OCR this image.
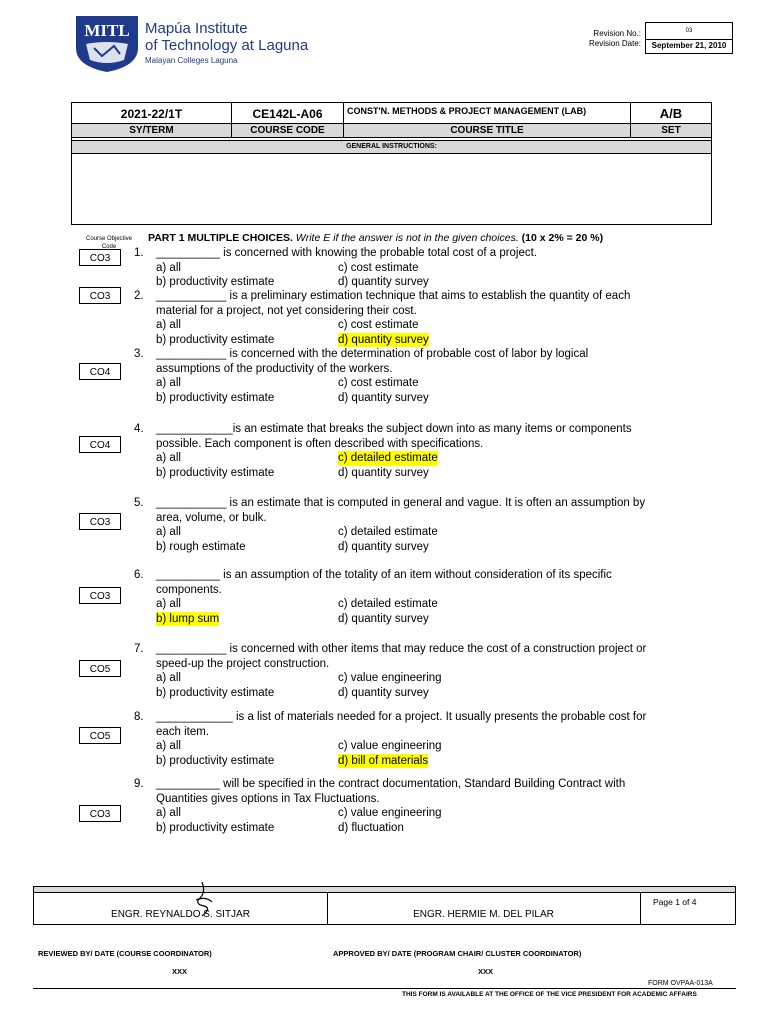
MITL Mapúa Institute
of Technology at Laguna
Malayan Colleges Laguna
Revision No.:
Revision Date:
03
September 21, 2010
2021-22/1T	CE142L-A06	CONST'N. METHODS & PROJECT MANAGEMENT (LAB)	A/B
SY/TERM	COURSE CODE	COURSE TITLE	SET
GENERAL INSTRUCTIONS:
Course Objective Code
PART 1 MULTIPLE CHOICES. Write E if the answer is not in the given choices. (10 x 2% = 20 %)
CO3	1. __________ is concerned with knowing the probable total cost of a project.
a) all	c) cost estimate
b) productivity estimate	d) quantity survey
CO3	2. ___________ is a preliminary estimation technique that aims to establish the quantity of each
material for a project, not yet considering their cost.
a) all	c) cost estimate
b) productivity estimate	d) quantity survey
CO4
3. ___________ is concerned with the determination of probable cost of labor by logical
assumptions of the productivity of the workers.
a) all	c) cost estimate
b) productivity estimate	d) quantity survey
CO4
4. ____________is an estimate that breaks the subject down into as many items or components
possible. Each component is often described with specifications.
a) all	c) detailed estimate
b) productivity estimate	d) quantity survey
CO3
5. ___________ is an estimate that is computed in general and vague. It is often an assumption by
area, volume, or bulk.
a) all	c) detailed estimate
b) rough estimate	d) quantity survey
CO3
6. __________ is an assumption of the totality of an item without consideration of its specific
components.
a) all	c) detailed estimate
b) lump sum	d) quantity survey
CO5
7. ___________ is concerned with other items that may reduce the cost of a construction project or
speed-up the project construction.
a) all	c) value engineering
b) productivity estimate	d) quantity survey
CO5
8. ____________ is a list of materials needed for a project. It usually presents the probable cost for
each item.
a) all	c) value engineering
b) productivity estimate	d) bill of materials
CO3
9. __________ will be specified in the contract documentation, Standard Building Contract with
Quantities gives options in Tax Fluctuations.
a) all	c) value engineering
b) productivity estimate	d) fluctuation
ENGR. REYNALDO S. SITJAR	ENGR. HERMIE M. DEL PILAR
Page 1 of 4
REVIEWED BY/ DATE (COURSE COORDINATOR)	APPROVED BY/ DATE (PROGRAM CHAIR/ CLUSTER COORDINATOR)
XXX	XXX
FORM OVPAA-013A
THIS FORM IS AVAILABLE AT THE OFFICE OF THE VICE PRESIDENT FOR ACADEMIC AFFAIRS
